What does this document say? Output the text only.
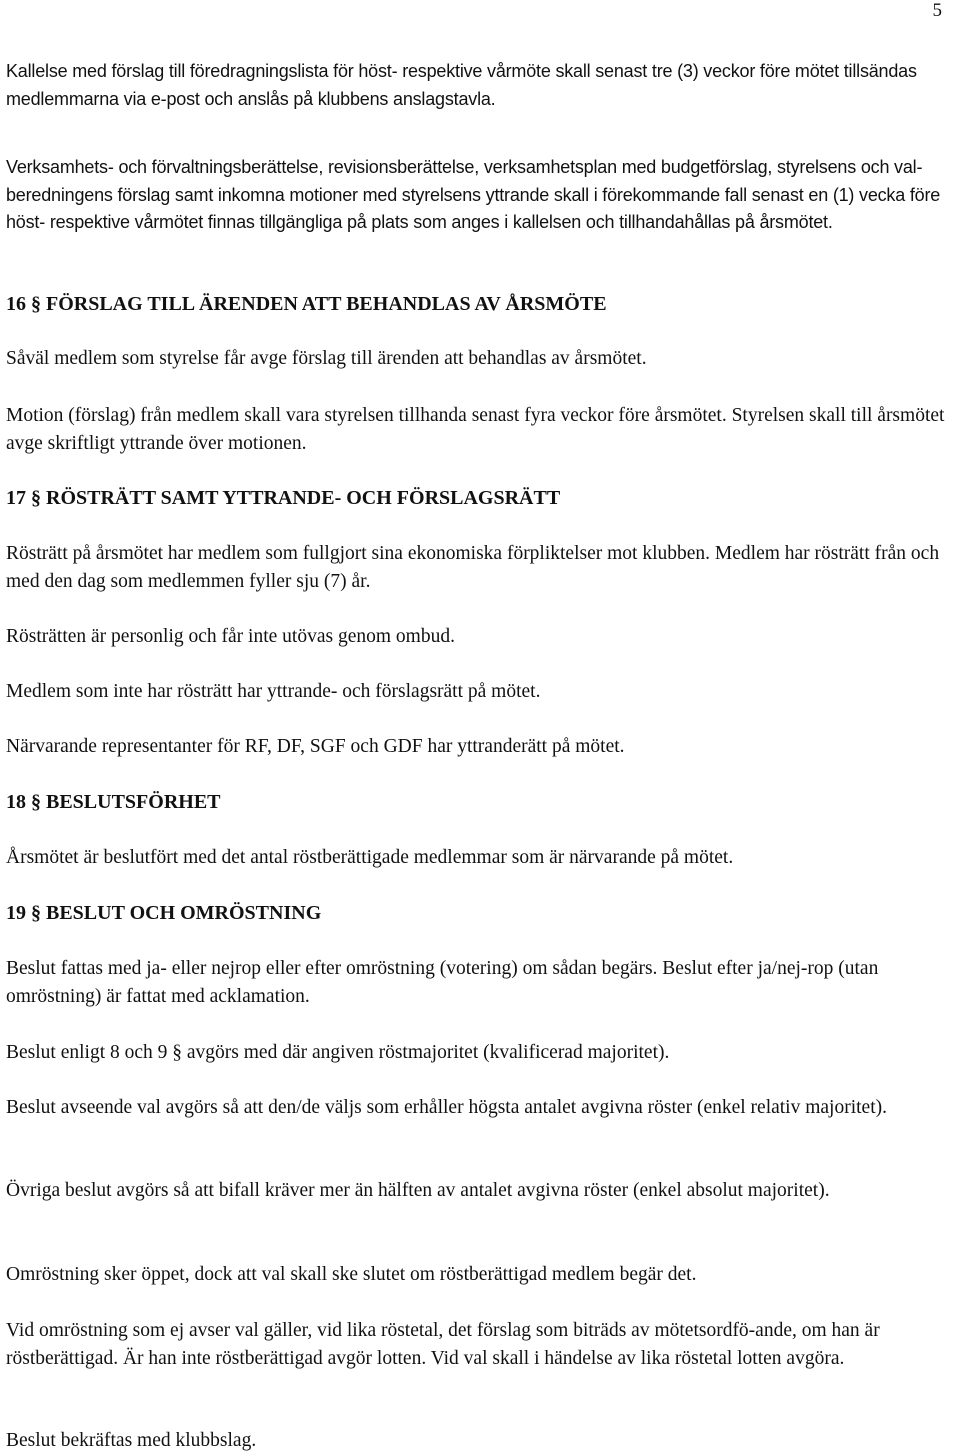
5
Kallelse med förslag till föredragningslista för höst- respektive vårmöte skall senast tre (3) veckor före mötet tillsändas medlemmarna via e-post och anslås på klubbens anslagstavla.
Verksamhets- och förvaltningsberättelse, revisionsberättelse, verksamhetsplan med budgetförslag, styrelsens och val-beredningens förslag samt inkomna motioner med styrelsens yttrande skall i förekommande fall senast en (1) vecka före höst- respektive vårmötet finnas tillgängliga på plats som anges i kallelsen och tillhandahållas på årsmötet.
16 § FÖRSLAG TILL ÄRENDEN ATT BEHANDLAS AV ÅRSMÖTE
Såväl medlem som styrelse får avge förslag till ärenden att behandlas av årsmötet.
Motion (förslag) från medlem skall vara styrelsen tillhanda senast fyra veckor före årsmötet. Styrelsen skall till årsmötet avge skriftligt yttrande över motionen.
17 § RÖSTRÄTT SAMT YTTRANDE- OCH FÖRSLAGSRÄTT
Rösträtt på årsmötet har medlem som fullgjort sina ekonomiska förpliktelser mot klubben. Medlem har rösträtt från och med den dag som medlemmen fyller sju (7) år.
Rösträtten är personlig och får inte utövas genom ombud.
Medlem som inte har rösträtt har yttrande- och förslagsrätt på mötet.
Närvarande representanter för RF, DF, SGF och GDF har yttranderätt på mötet.
18 § BESLUTSFÖRHET
Årsmötet är beslutfört med det antal röstberättigade medlemmar som är närvarande på mötet.
19 § BESLUT OCH OMRÖSTNING
Beslut fattas med ja- eller nejrop eller efter omröstning (votering) om sådan begärs. Beslut efter ja/nej-rop (utan omröstning) är fattat med acklamation.
Beslut enligt 8 och 9 § avgörs med där angiven röstmajoritet (kvalificerad majoritet).
Beslut avseende val avgörs så att den/de väljs som erhåller högsta antalet avgivna röster (enkel relativ majoritet).
Övriga beslut avgörs så att bifall kräver mer än hälften av antalet avgivna röster (enkel absolut majoritet).
Omröstning sker öppet, dock att val skall ske slutet om röstberättigad medlem begär det.
Vid omröstning som ej avser val gäller, vid lika röstetal, det förslag som biträds av mötetsordfö-ande, om han är röstberättigad. Är han inte röstberättigad avgör lotten. Vid val skall i händelse av lika röstetal lotten avgöra.
Beslut bekräftas med klubbslag.
